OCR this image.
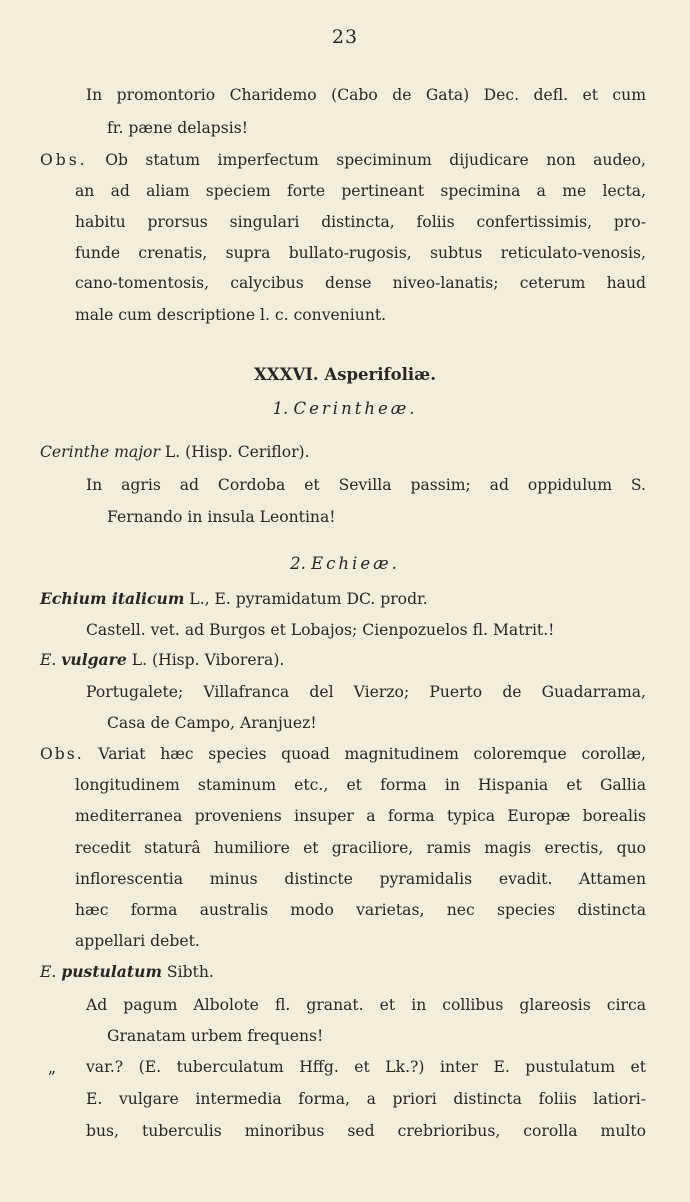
23
In promontorio Charidemo (Cabo de Gata) Dec. defl. et cum
fr. pæne delapsis!
Obs. Ob statum imperfectum speciminum dijudicare non audeo,
an ad aliam speciem forte pertineant specimina a me lecta,
habitu prorsus singulari distincta, foliis confertissimis, pro-
funde crenatis, supra bullato-rugosis, subtus reticulato-venosis,
cano-tomentosis, calycibus dense niveo-lanatis; ceterum haud
male cum descriptione l. c. conveniunt.
XXXVI. Asperifoliæ.
1. Cerintheæ.
Cerinthe major L. (Hisp. Ceriflor).
In agris ad Cordoba et Sevilla passim; ad oppidulum S.
Fernando in insula Leontina!
2. Echieæ.
Echium italicum L., E. pyramidatum DC. prodr.
Castell. vet. ad Burgos et Lobajos; Cienpozuelos fl. Matrit.!
E. vulgare L. (Hisp. Viborera).
Portugalete; Villafranca del Vierzo; Puerto de Guadarrama,
Casa de Campo, Aranjuez!
Obs. Variat hæc species quoad magnitudinem coloremque corollæ,
longitudinem staminum etc., et forma in Hispania et Gallia
mediterranea proveniens insuper a forma typica Europæ borealis
recedit staturâ humiliore et graciliore, ramis magis erectis, quo
inflorescentia minus distincte pyramidalis evadit. Attamen
hæc forma australis modo varietas, nec species distincta
appellari debet.
E. pustulatum Sibth.
Ad pagum Albolote fl. granat. et in collibus glareosis circa
Granatam urbem frequens!
„ var.? (E. tuberculatum Hffg. et Lk.?) inter E. pustulatum et
E. vulgare intermedia forma, a priori distincta foliis latiori-
bus, tuberculis minoribus sed crebrioribus, corolla multo
